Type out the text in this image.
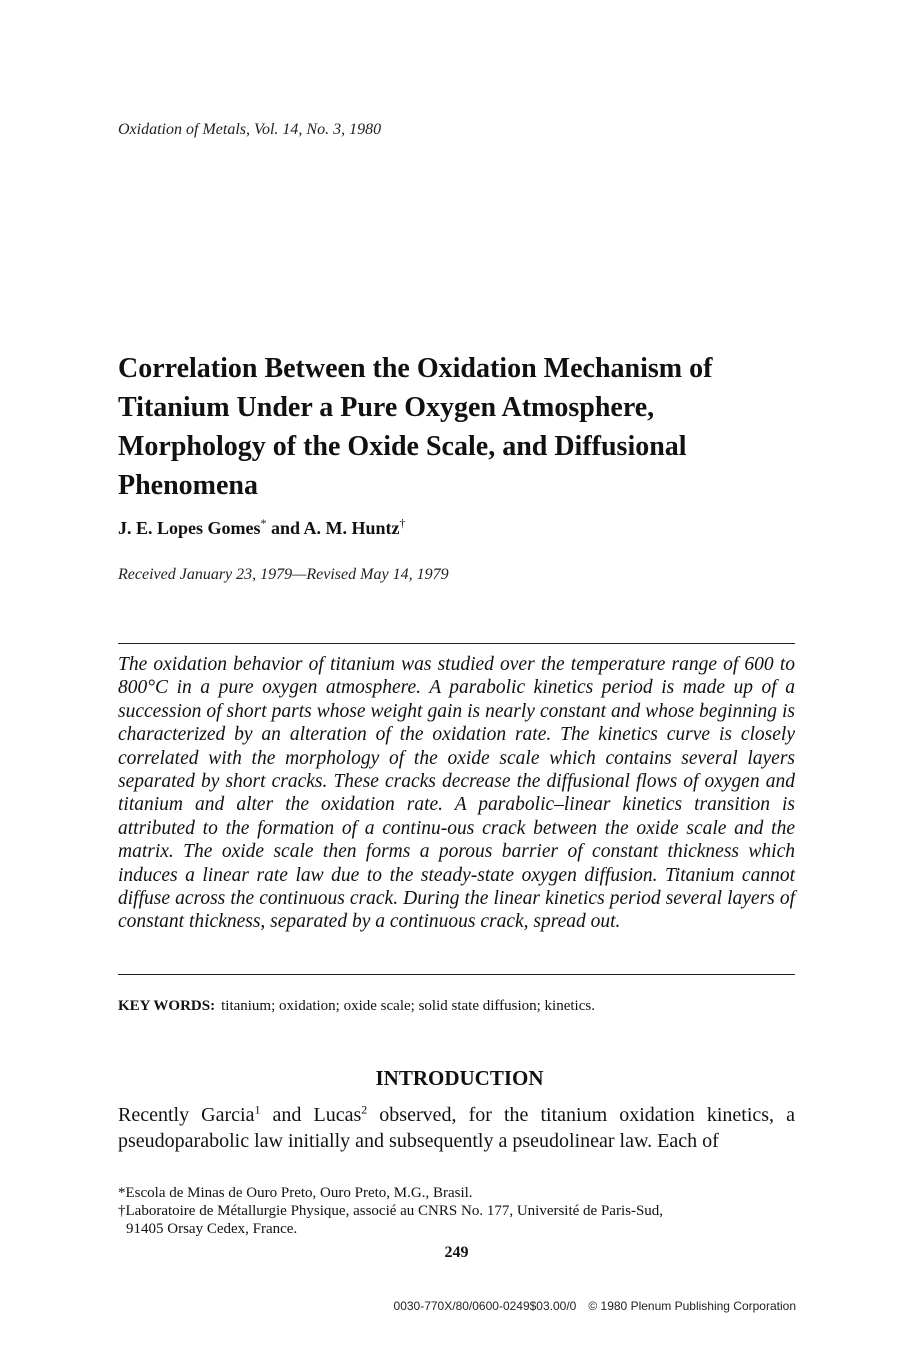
Oxidation of Metals, Vol. 14, No. 3, 1980
Correlation Between the Oxidation Mechanism of Titanium Under a Pure Oxygen Atmosphere, Morphology of the Oxide Scale, and Diffusional Phenomena
J. E. Lopes Gomes* and A. M. Huntz†
Received January 23, 1979—Revised May 14, 1979

The oxidation behavior of titanium was studied over the temperature range of 600 to 800°C in a pure oxygen atmosphere. A parabolic kinetics period is made up of a succession of short parts whose weight gain is nearly constant and whose beginning is characterized by an alteration of the oxidation rate. The kinetics curve is closely correlated with the morphology of the oxide scale which contains several layers separated by short cracks. These cracks decrease the diffusional flows of oxygen and titanium and alter the oxidation rate. A parabolic–linear kinetics transition is attributed to the formation of a continu-ous crack between the oxide scale and the matrix. The oxide scale then forms a porous barrier of constant thickness which induces a linear rate law due to the steady-state oxygen diffusion. Titanium cannot diffuse across the continuous crack. During the linear kinetics period several layers of constant thickness, separated by a continuous crack, spread out.

KEY WORDS: titanium; oxidation; oxide scale; solid state diffusion; kinetics.
INTRODUCTION

Recently Garcia$^1$ and Lucas$^2$ observed, for the titanium oxidation kinetics, a pseudoparabolic law initially and subsequently a pseudolinear law. Each of

*Escola de Minas de Ouro Preto, Ouro Preto, M.G., Brasil.
†Laboratoire de Métallurgie Physique, associé au CNRS No. 177, Université de Paris-Sud,
91405 Orsay Cedex, France.
249
0030-770X/80/0600-0249$03.00/0 © 1980 Plenum Publishing Corporation
